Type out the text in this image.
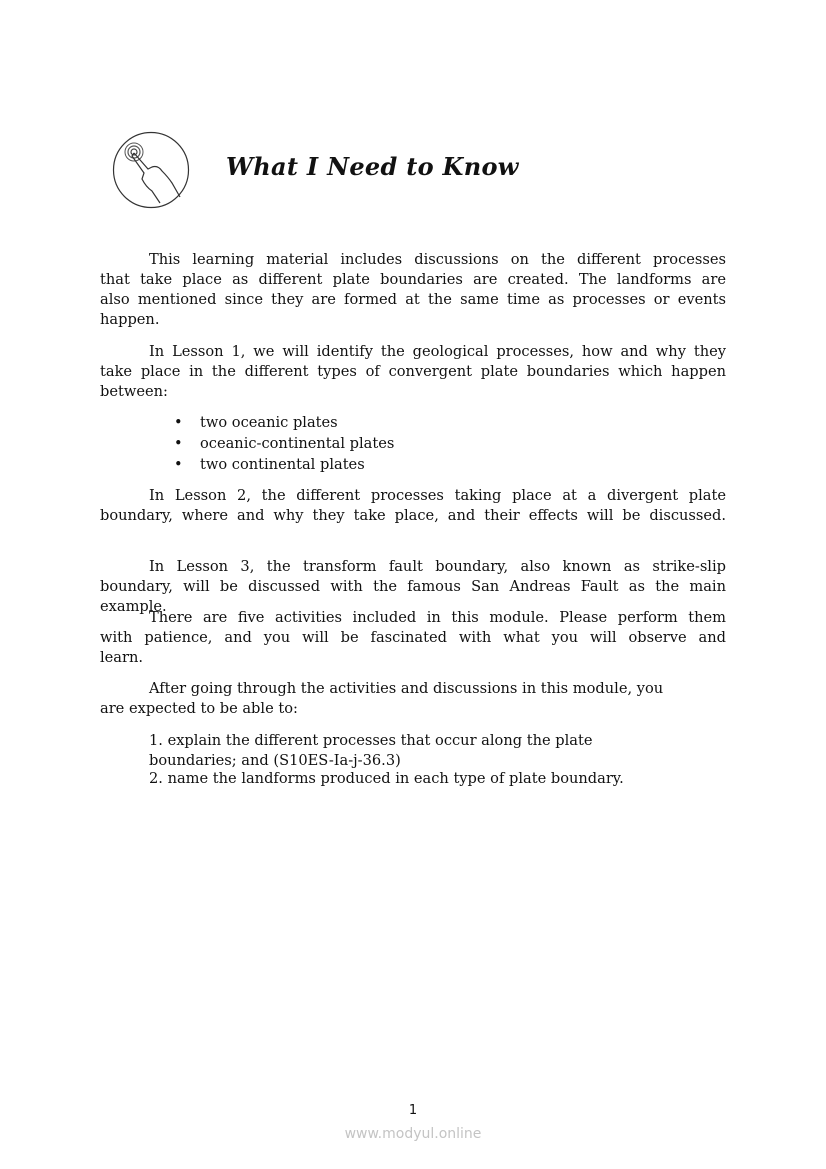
What I Need to Know
This learning material includes discussions on the different processes
that take place as different plate boundaries are created. The landforms are
also mentioned since they are formed at the same time as processes or events
happen.
In Lesson 1, we will identify the geological processes, how and why they
take place in the different types of convergent plate boundaries which happen
between:
• two oceanic plates
• oceanic-continental plates
• two continental plates
In Lesson 2, the different processes taking place at a divergent plate
boundary, where and why they take place, and their effects will be discussed.
In Lesson 3, the transform fault boundary, also known as strike-slip
boundary, will be discussed with the famous San Andreas Fault as the main
example.
There are five activities included in this module. Please perform them
with patience, and you will be fascinated with what you will observe and
learn.
After going through the activities and discussions in this module, you
are expected to be able to:
1. explain the different processes that occur along the plate
boundaries; and (S10ES-Ia-j-36.3)
2. name the landforms produced in each type of plate boundary.
1
www.modyul.online
